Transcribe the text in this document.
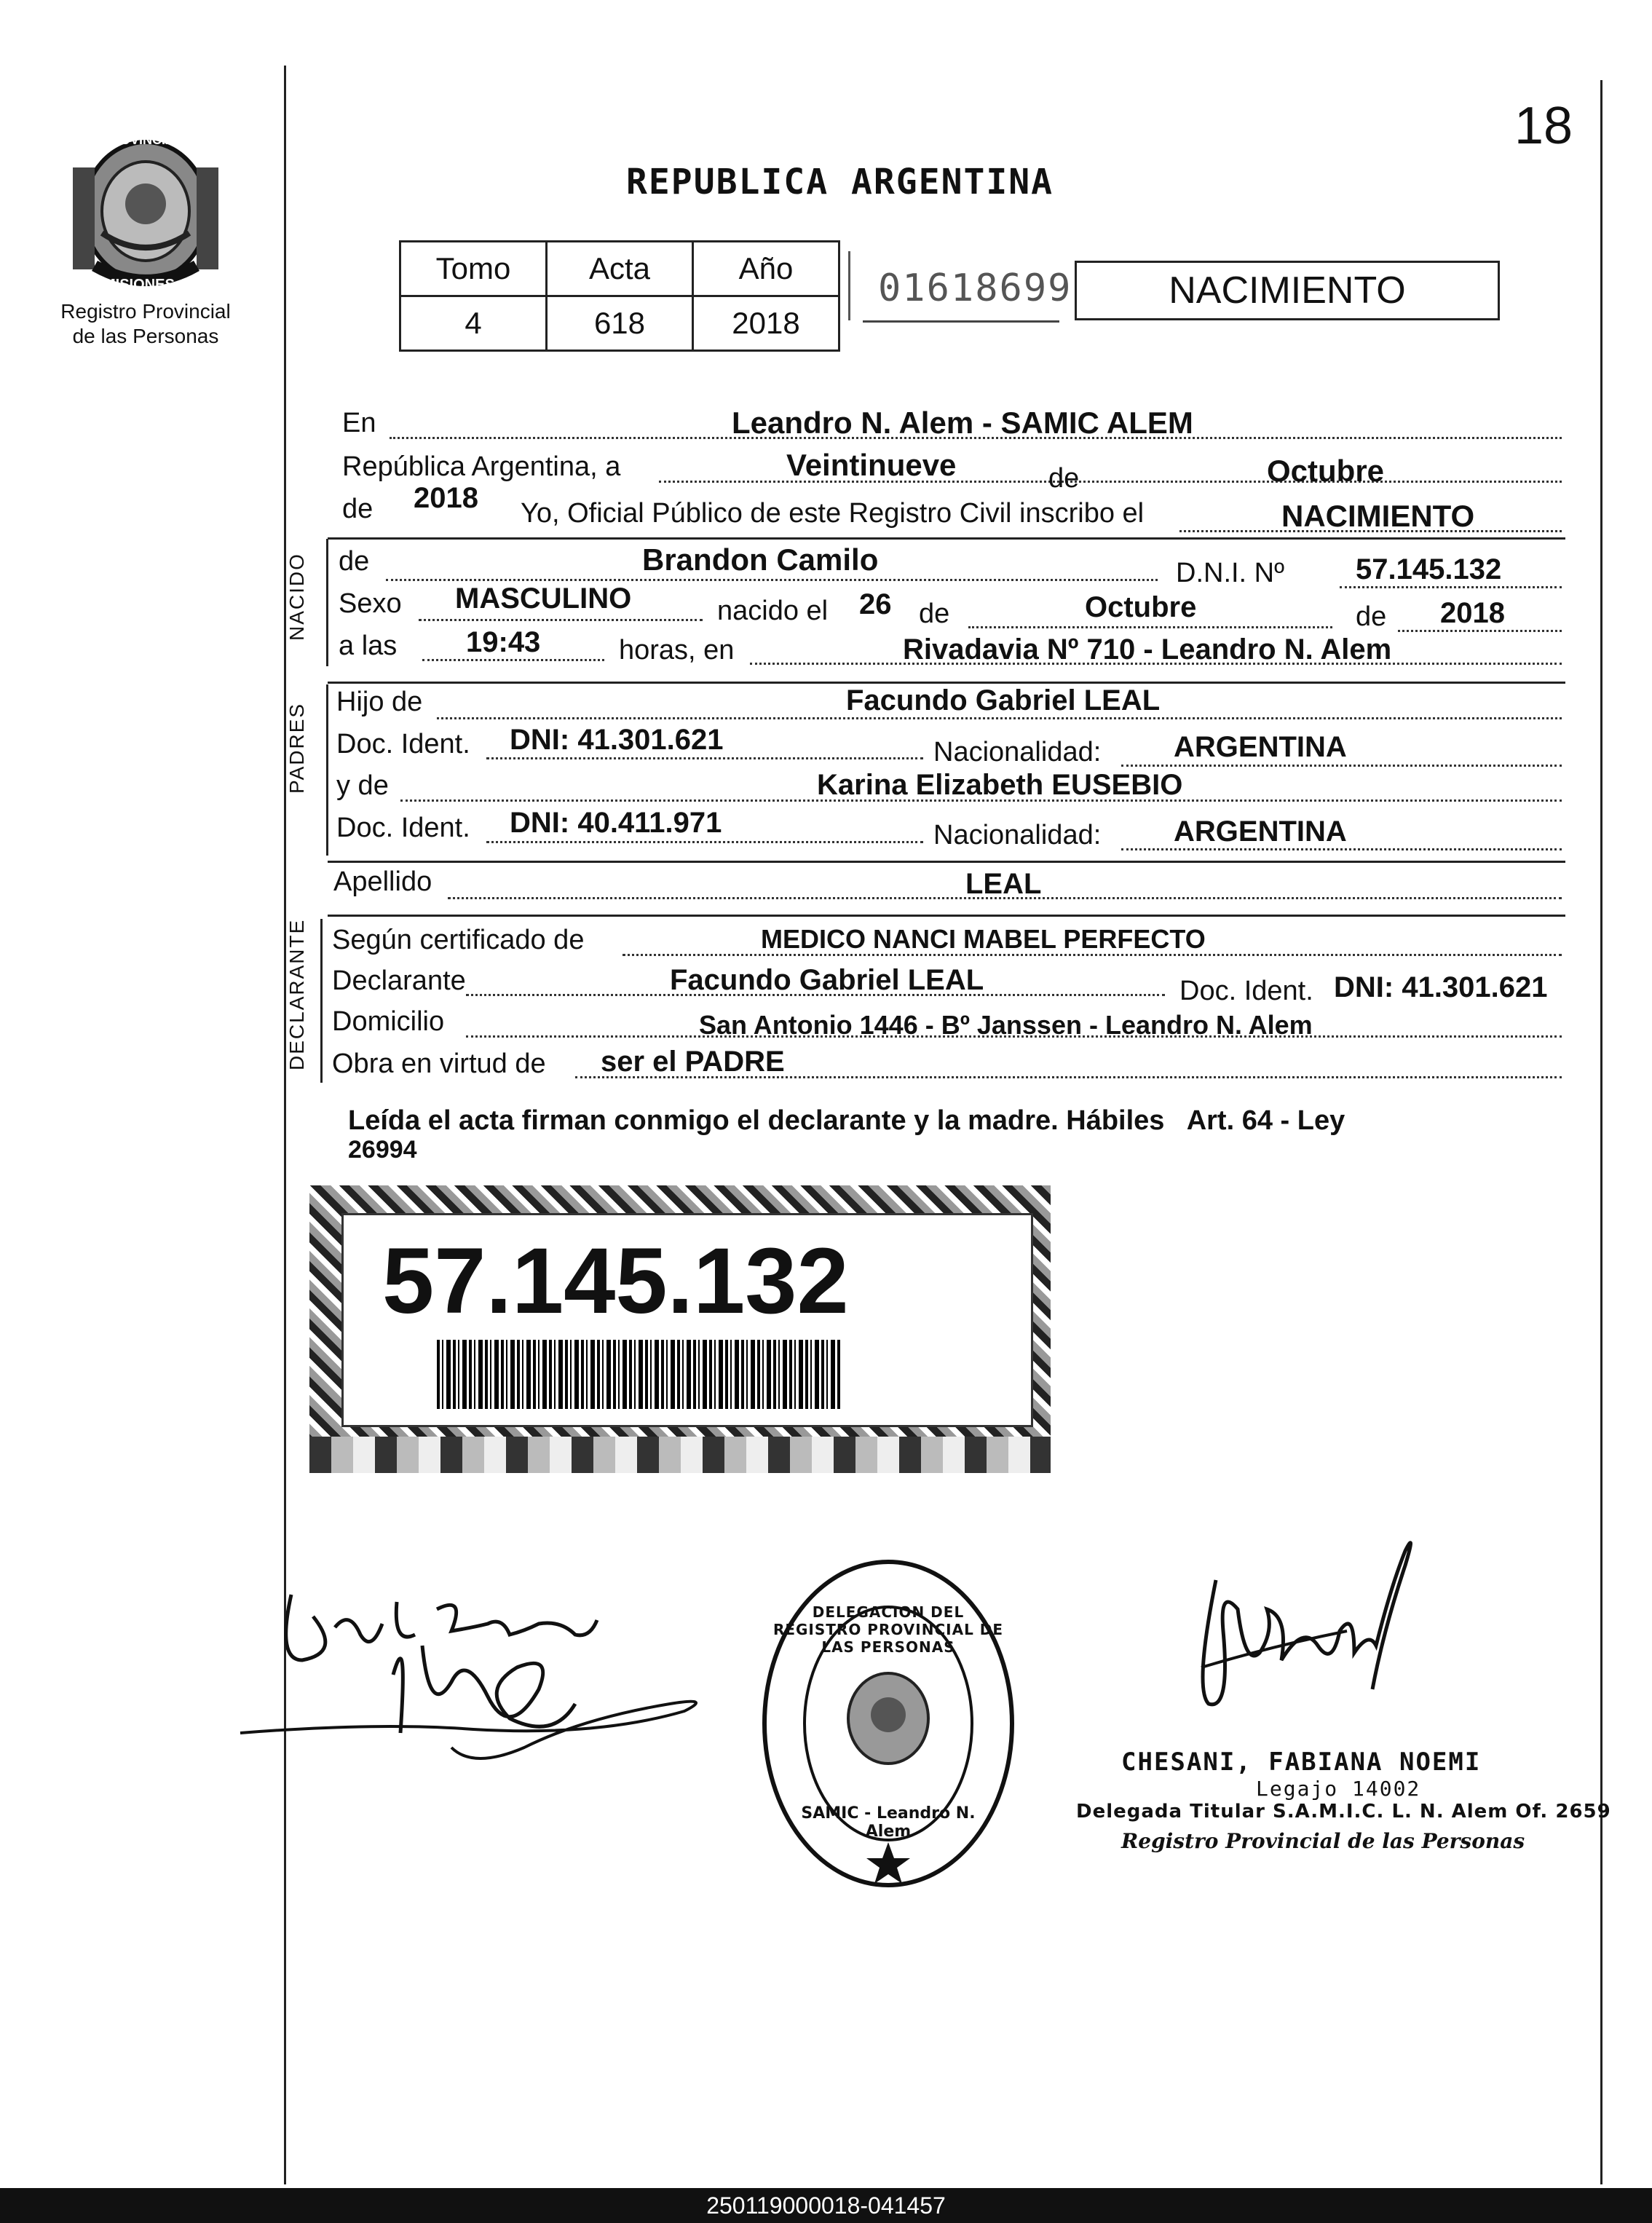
18
PROVINCIA DE
MISIONES
Registro Provincial
de las Personas
REPUBLICA ARGENTINA
Tomo	Acta	Año
4	618	2018
01618699	NACIMIENTO
En	Leandro N. Alem - SAMIC ALEM
República Argentina, a	Veintinueve	de	Octubre
de 2018 Yo, Oficial Público de este Registro Civil inscribo el	NACIMIENTO
NACIDO de	Brandon Camilo	D.N.I. Nº 57.145.132
Sexo MASCULINO	nacido el 26 de	Octubre	de 2018
a las 19:43	horas, en	Rivadavia Nº 710 - Leandro N. Alem
PADRES
Hijo de	Facundo Gabriel LEAL
Doc. Ident. DNI: 41.301.621	Nacionalidad: ARGENTINA
y de	Karina Elizabeth EUSEBIO
Doc. Ident. DNI: 40.411.971	Nacionalidad: ARGENTINA
Apellido	LEAL
DECLARANTE Según certificado de	MEDICO NANCI MABEL PERFECTO
Declarante	Facundo Gabriel LEAL	Doc. Ident. DNI: 41.301.621
Domicilio	San Antonio 1446 - Bº Janssen - Leandro N. Alem
Obra en virtud de ser el PADRE
Leída el acta firman conmigo el declarante y la madre. Hábiles   Art. 64 - Ley
26994
57.145.132
DELEGACION DEL REGISTRO PROVINCIAL DE LAS PERSONAS
SAMIC - Leandro N. Alem
CHESANI, FABIANA NOEMI
Legajo 14002
Delegada Titular S.A.M.I.C. L. N. Alem Of. 2659
Registro Provincial de las Personas
250119000018-041457
